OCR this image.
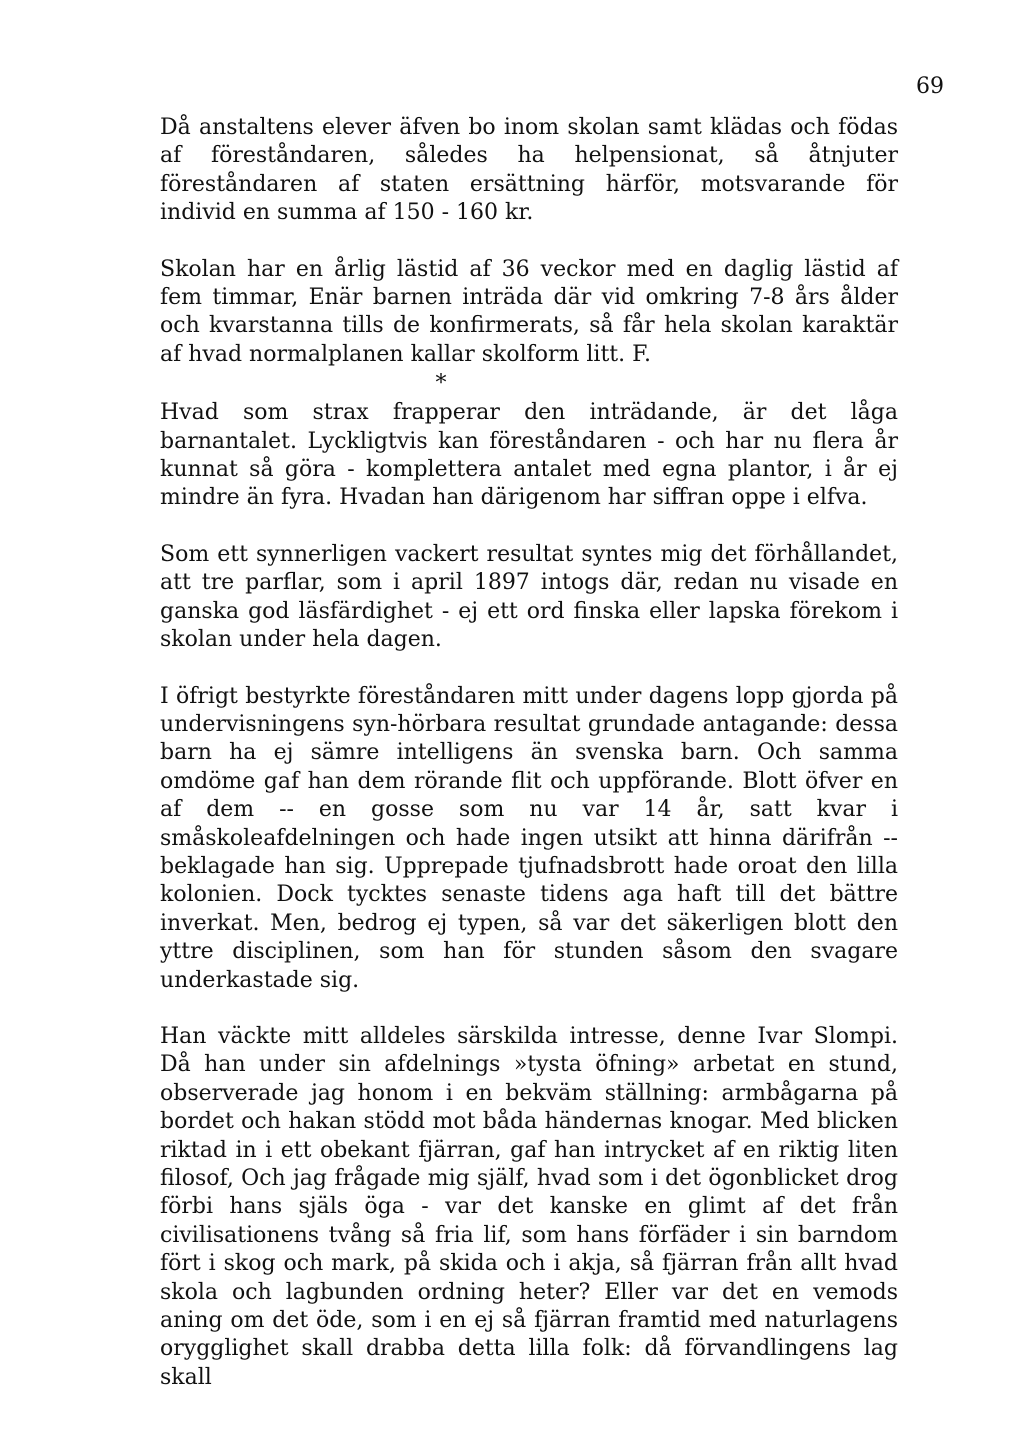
69

Då anstaltens elever äfven bo inom skolan samt klädas och födas af föreståndaren, således ha helpensionat, så åtnjuter föreståndaren af staten ersättning härför, motsvarande för individ en summa af 150 - 160 kr.

Skolan har en årlig lästid af 36 veckor med en daglig lästid af fem timmar, Enär barnen inträda där vid omkring 7-8 års ålder och kvarstanna tills de konfirmerats, så får hela skolan karaktär af hvad normalplanen kallar skolform litt. F.

*

Hvad som strax frapperar den inträdande, är det låga barnantalet. Lyckligtvis kan föreståndaren - och har nu flera år kunnat så göra - komplettera antalet med egna plantor, i år ej mindre än fyra. Hvadan han därigenom har siffran oppe i elfva.

Som ett synnerligen vackert resultat syntes mig det förhållandet, att tre parflar, som i april 1897 intogs där, redan nu visade en ganska god läsfärdighet - ej ett ord finska eller lapska förekom i skolan under hela dagen.

I öfrigt bestyrkte föreståndaren mitt under dagens lopp gjorda på undervisningens syn-hörbara resultat grundade antagande: dessa barn ha ej sämre intelligens än svenska barn. Och samma omdöme gaf han dem rörande flit och uppförande. Blott öfver en af dem -- en gosse som nu var 14 år, satt kvar i småskoleafdelningen och hade ingen utsikt att hinna därifrån -- beklagade han sig. Upprepade tjufnadsbrott hade oroat den lilla kolonien. Dock tycktes senaste tidens aga haft till det bättre inverkat. Men, bedrog ej typen, så var det säkerligen blott den yttre disciplinen, som han för stunden såsom den svagare underkastade sig.

Han väckte mitt alldeles särskilda intresse, denne Ivar Slompi. Då han under sin afdelnings »tysta öfning» arbetat en stund, observerade jag honom i en bekväm ställning: armbågarna på bordet och hakan stödd mot båda händernas knogar. Med blicken riktad in i ett obekant fjärran, gaf han intrycket af en riktig liten filosof, Och jag frågade mig själf, hvad som i det ögonblicket drog förbi hans själs öga - var det kanske en glimt af det från civilisationens tvång så fria lif, som hans förfäder i sin barndom fört i skog och mark, på skida och i akja, så fjärran från allt hvad skola och lagbunden ordning heter? Eller var det en vemods aning om det öde, som i en ej så fjärran framtid med naturlagens orygglighet skall drabba detta lilla folk: då förvandlingens lag skall
